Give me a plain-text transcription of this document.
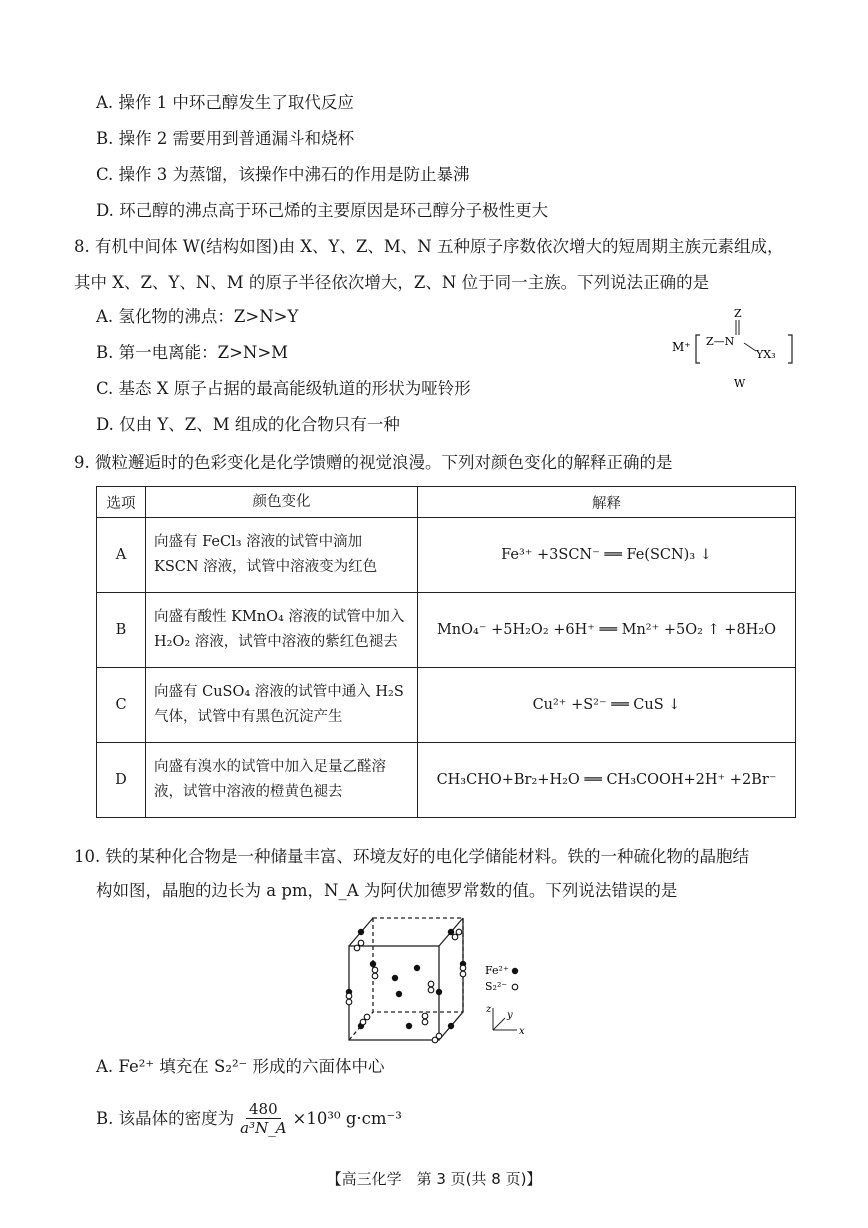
A. 操作 1 中环己醇发生了取代反应
B. 操作 2 需要用到普通漏斗和烧杯
C. 操作 3 为蒸馏，该操作中沸石的作用是防止暴沸
D. 环己醇的沸点高于环己烯的主要原因是环己醇分子极性更大
8. 有机中间体 W(结构如图)由 X、Y、Z、M、N 五种原子序数依次增大的短周期主族元素组成，
其中 X、Z、Y、N、M 的原子半径依次增大，Z、N 位于同一主族。下列说法正确的是
A. 氢化物的沸点：Z>N>Y
B. 第一电离能：Z>N>M
C. 基态 X 原子占据的最高能级轨道的形状为哑铃形
D. 仅由 Y、Z、M 组成的化合物只有一种
M⁺
Z
Z—N
YX₃
W
9. 微粒邂逅时的色彩变化是化学馈赠的视觉浪漫。下列对颜色变化的解释正确的是
选项	颜色变化	解释
A	向盛有 FeCl₃ 溶液的试管中滴加 KSCN 溶液，试管中溶液变为红色	Fe³⁺ +3SCN⁻ ══ Fe(SCN)₃ ↓
B	向盛有酸性 KMnO₄ 溶液的试管中加入 H₂O₂ 溶液，试管中溶液的紫红色褪去	MnO₄⁻ +5H₂O₂ +6H⁺ ══ Mn²⁺ +5O₂ ↑ +8H₂O
C	向盛有 CuSO₄ 溶液的试管中通入 H₂S 气体，试管中有黑色沉淀产生	Cu²⁺ +S²⁻ ══ CuS ↓
D	向盛有溴水的试管中加入足量乙醛溶液，试管中溶液的橙黄色褪去	CH₃CHO+Br₂+H₂O ══ CH₃COOH+2H⁺ +2Br⁻
10. 铁的某种化合物是一种储量丰富、环境友好的电化学储能材料。铁的一种硫化物的晶胞结
构如图，晶胞的边长为 a pm，N_A 为阿伏加德罗常数的值。下列说法错误的是
Fe²⁺
S₂²⁻
x
y
z
A. Fe²⁺ 填充在 S₂²⁻ 形成的六面体中心
B. 该晶体的密度为 $\frac{480}{\text{a³N\_A}} \times 10^{30}$ g·cm⁻³
【高三化学　第 3 页(共 8 页)】
